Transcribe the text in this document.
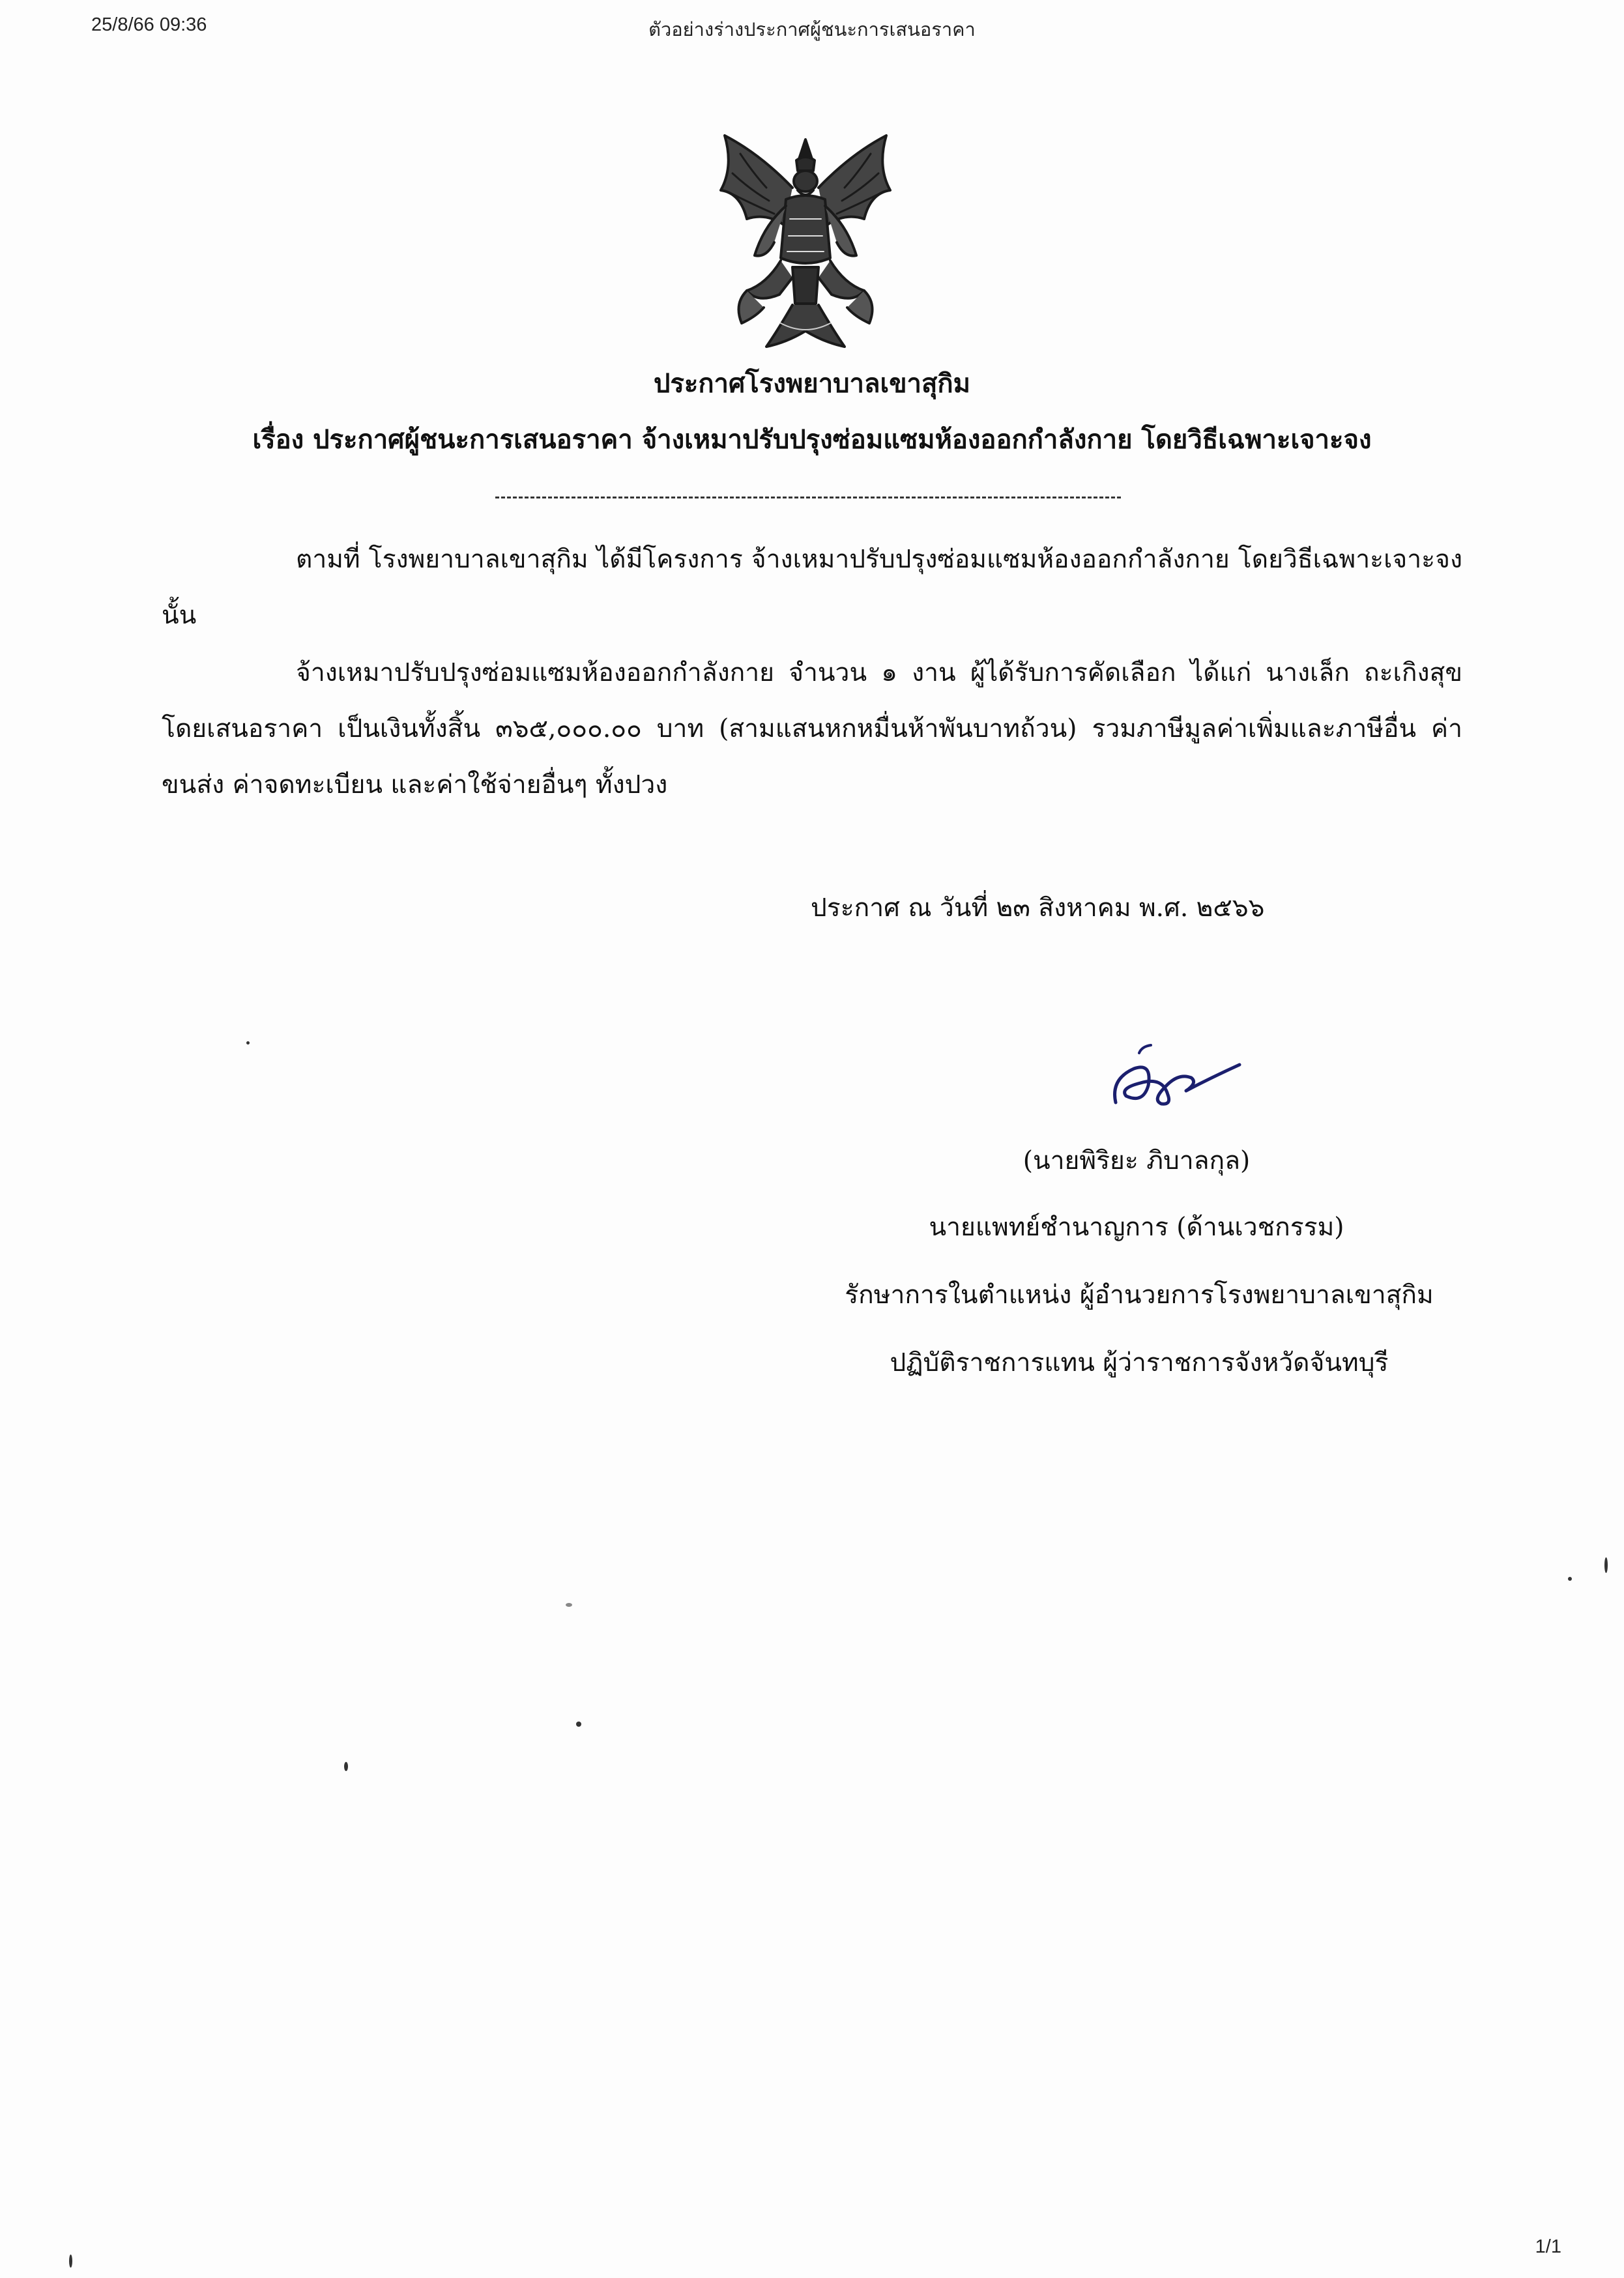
25/8/66 09:36	ตัวอย่างร่างประกาศผู้ชนะการเสนอราคา
ประกาศโรงพยาบาลเขาสุกิม
เรื่อง ประกาศผู้ชนะการเสนอราคา จ้างเหมาปรับปรุงซ่อมแซมห้องออกกำลังกาย โดยวิธีเฉพาะเจาะจง
ตามที่ โรงพยาบาลเขาสุกิม ได้มีโครงการ จ้างเหมาปรับปรุงซ่อมแซมห้องออกกำลังกาย โดยวิธีเฉพาะเจาะจง นั้น
จ้างเหมาปรับปรุงซ่อมแซมห้องออกกำลังกาย จำนวน ๑ งาน ผู้ได้รับการคัดเลือก ได้แก่ นางเล็ก ถะเกิงสุข โดยเสนอราคา เป็นเงินทั้งสิ้น ๓๖๕,๐๐๐.๐๐ บาท (สามแสนหกหมื่นห้าพันบาทถ้วน) รวมภาษีมูลค่าเพิ่มและภาษีอื่น ค่าขนส่ง ค่าจดทะเบียน และค่าใช้จ่ายอื่นๆ ทั้งปวง
ประกาศ ณ วันที่ ๒๓ สิงหาคม พ.ศ. ๒๕๖๖
(นายพิริยะ ภิบาลกุล)
นายแพทย์ชำนาญการ (ด้านเวชกรรม)
รักษาการในตำแหน่ง ผู้อำนวยการโรงพยาบาลเขาสุกิม
ปฏิบัติราชการแทน ผู้ว่าราชการจังหวัดจันทบุรี
1/1
